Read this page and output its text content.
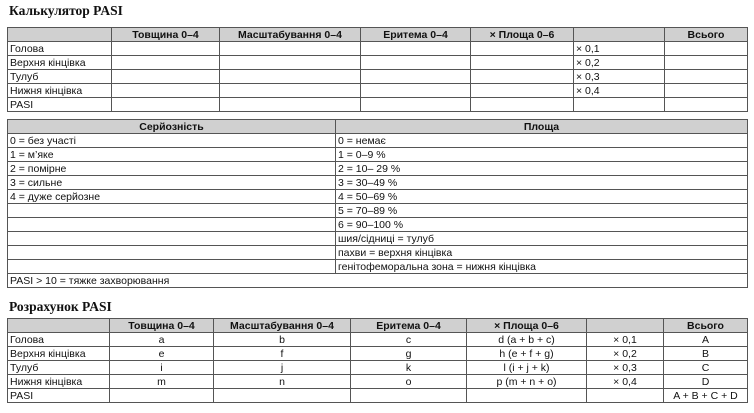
Калькулятор PASI
	Товщина 0–4	Масштабування 0–4	Еритема 0–4	× Площа 0–6		Всього
Голова					× 0,1	
Верхня кінцівка					× 0,2	
Тулуб					× 0,3	
Нижня кінцівка					× 0,4	
PASI						
Серйозність	Площа
0 = без участі	0 = немає
1 = м’яке	1 = 0–9 %
2 = помірне	2 = 10– 29 %
3 = сильне	3 = 30–49 %
4 = дуже серйозне	4 = 50–69 %
	5 = 70–89 %
	6 = 90–100 %
	шия/сідниці = тулуб
	пахви = верхня кінцівка
	генітофеморальна зона = нижня кінцівка
PASI > 10 = тяжке захворювання	
Розрахунок PASI
	Товщина 0–4	Масштабування 0–4	Еритема 0–4	× Площа 0–6		Всього
Голова	a	b	c	d (a + b + c)	× 0,1	A
Верхня кінцівка	e	f	g	h (e + f + g)	× 0,2	B
Тулуб	i	j	k	l (i + j + k)	× 0,3	C
Нижня кінцівка	m	n	o	p (m + n + o)	× 0,4	D
PASI						A + B + C + D
